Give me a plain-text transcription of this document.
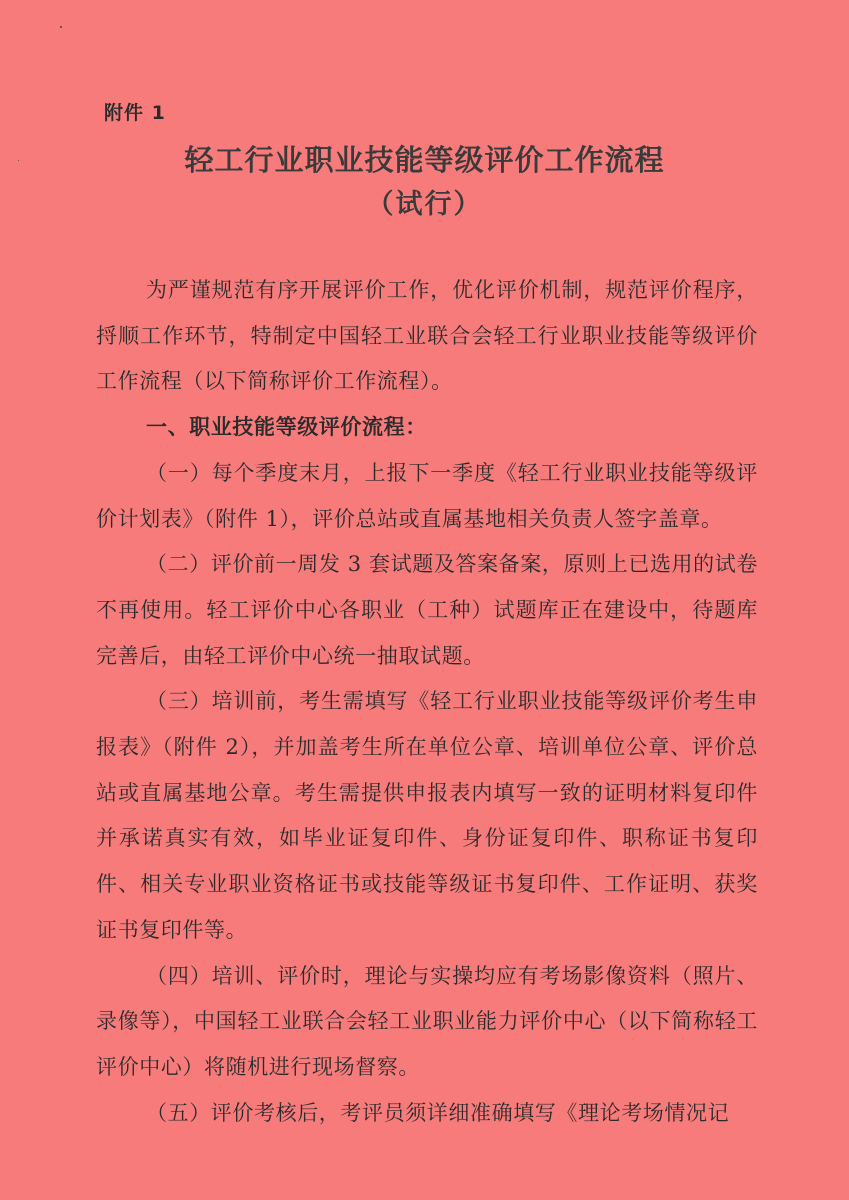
附件 1
轻工行业职业技能等级评价工作流程
（试行）

为严谨规范有序开展评价工作，优化评价机制，规范评价程序，捋顺工作环节，特制定中国轻工业联合会轻工行业职业技能等级评价工作流程（以下简称评价工作流程）。

一、职业技能等级评价流程：

（一）每个季度末月，上报下一季度《轻工行业职业技能等级评价计划表》（附件 1），评价总站或直属基地相关负责人签字盖章。

（二）评价前一周发 3 套试题及答案备案，原则上已选用的试卷不再使用。轻工评价中心各职业（工种）试题库正在建设中，待题库完善后，由轻工评价中心统一抽取试题。

（三）培训前，考生需填写《轻工行业职业技能等级评价考生申报表》（附件 2），并加盖考生所在单位公章、培训单位公章、评价总站或直属基地公章。考生需提供申报表内填写一致的证明材料复印件并承诺真实有效，如毕业证复印件、身份证复印件、职称证书复印件、相关专业职业资格证书或技能等级证书复印件、工作证明、获奖证书复印件等。

（四）培训、评价时，理论与实操均应有考场影像资料（照片、录像等），中国轻工业联合会轻工业职业能力评价中心（以下简称轻工评价中心）将随机进行现场督察。

（五）评价考核后，考评员须详细准确填写《理论考场情况记
